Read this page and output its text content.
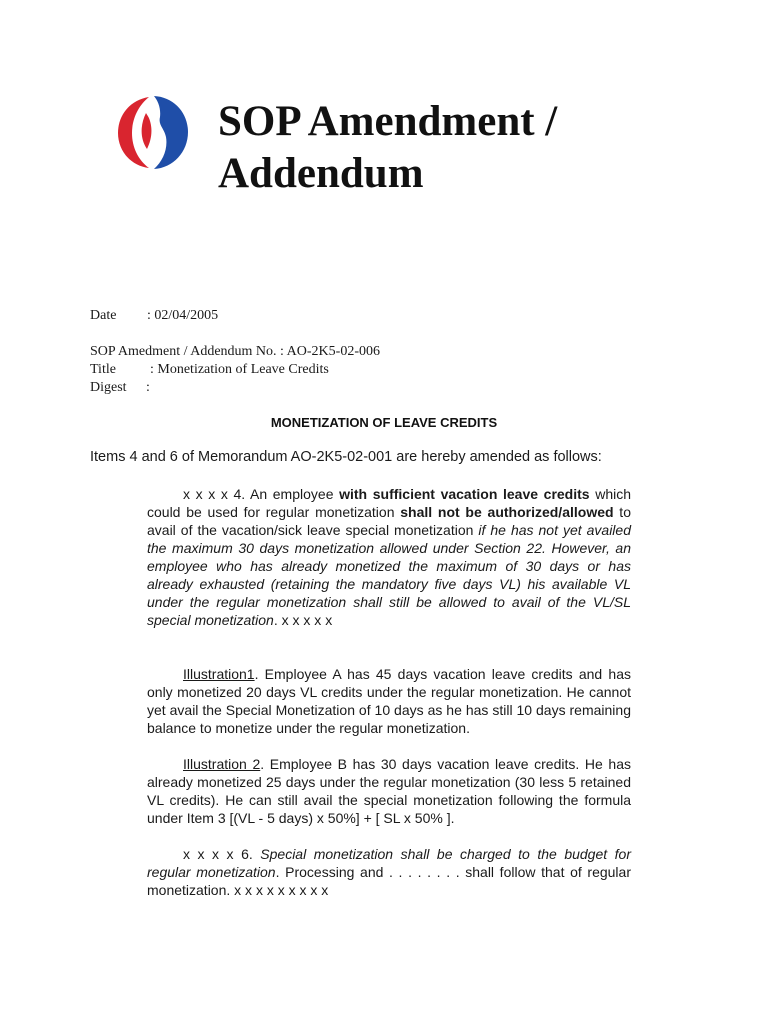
SOP Amendment /
Addendum
Date : 02/04/2005
SOP Amedment / Addendum No. : AO-2K5-02-006
Title : Monetization of Leave Credits
Digest :
MONETIZATION OF LEAVE CREDITS

Items 4 and 6 of Memorandum AO-2K5-02-001 are hereby amended as follows:

x x x x 4. An employee with sufficient vacation leave credits which could be used for regular monetization shall not be authorized/allowed to avail of the vacation/sick leave special monetization if he has not yet availed the maximum 30 days monetization allowed under Section 22. However, an employee who has already monetized the maximum of 30 days or has already exhausted (retaining the mandatory five days VL) his available VL under the regular monetization shall still be allowed to avail of the VL/SL special monetization. x x x x x

Illustration1. Employee A has 45 days vacation leave credits and has only monetized 20 days VL credits under the regular monetization. He cannot yet avail the Special Monetization of 10 days as he has still 10 days remaining balance to monetize under the regular monetization.

Illustration 2. Employee B has 30 days vacation leave credits. He has already monetized 25 days under the regular monetization (30 less 5 retained VL credits). He can still avail the special monetization following the formula under Item 3 [(VL - 5 days) x 50%] + [ SL x 50% ].

x x x x 6. Special monetization shall be charged to the budget for regular monetization. Processing and . . . . . . . . shall follow that of regular monetization. x x x x x x x x x
